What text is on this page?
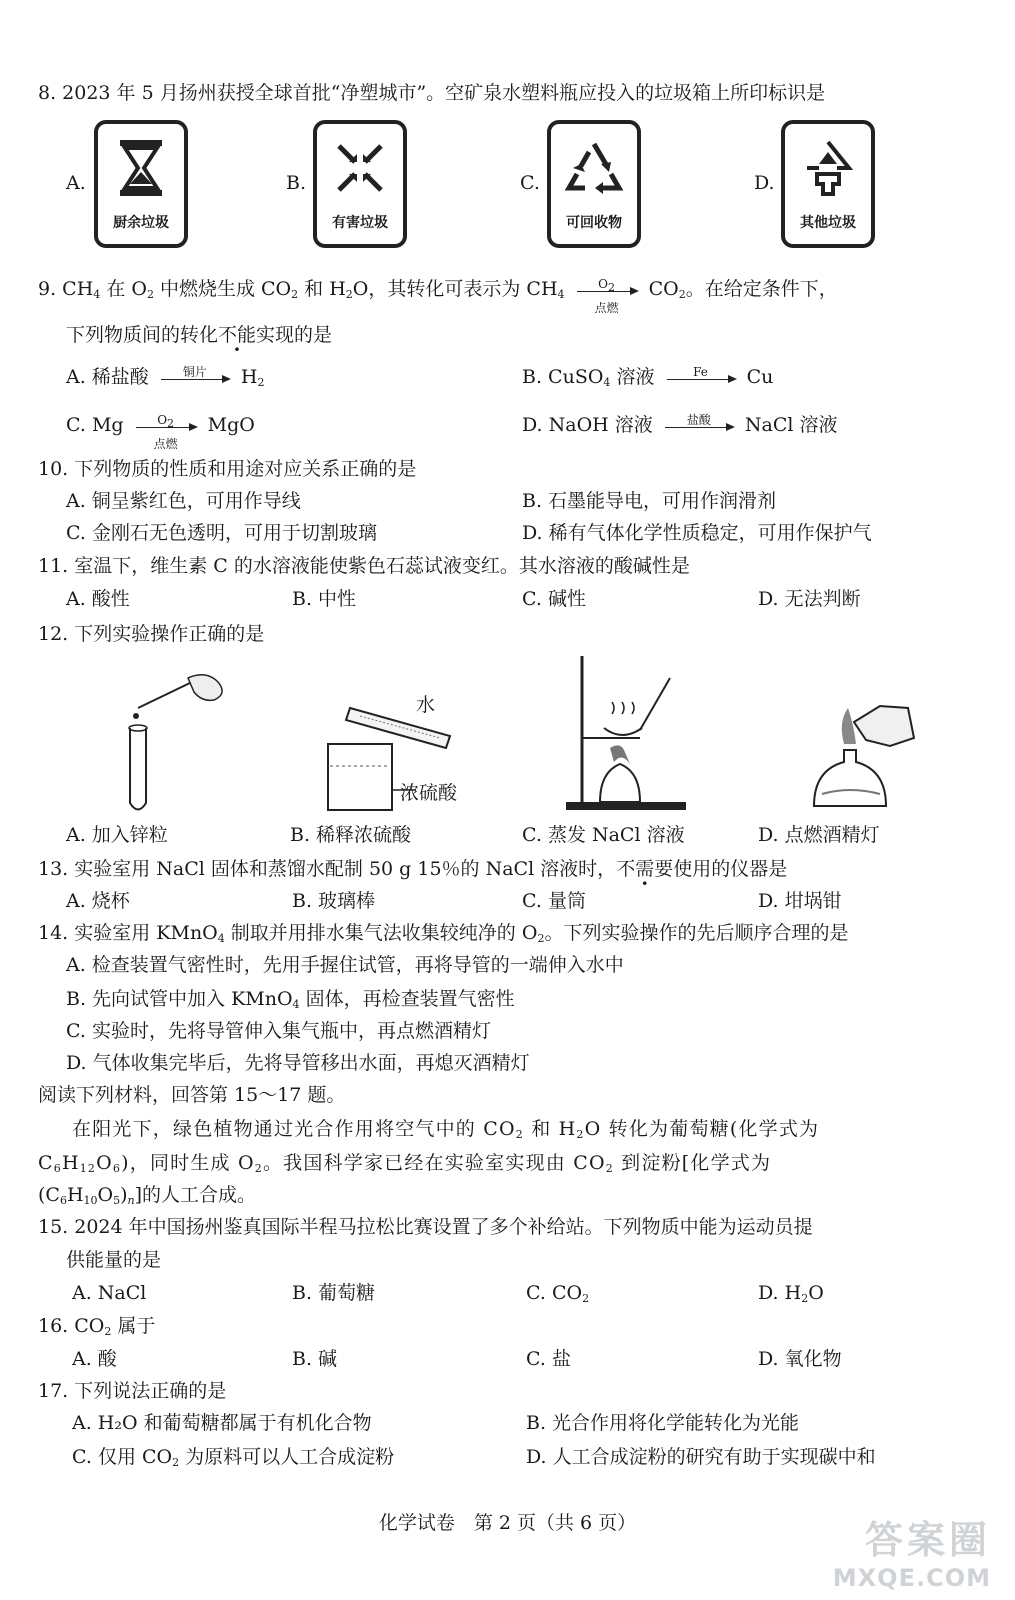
8. 2023 年 5 月扬州获授全球首批“净塑城市”。空矿泉水塑料瓶应投入的垃圾箱上所印标识是
A.
厨余垃圾
B.
有害垃圾
C.
可回收物
D.
其他垃圾
9. $CH_4$ 在 $O_2$ 中燃烧生成 $CO_2$ 和 $H_2O$，其转化可表示为 $CH_4$
$O_2$
点燃
$CO_2$。在给定条件下，
下列物质间的转化不能实现的是
A. 稀盐酸	铜片	$H_2$	B. CuSO$_4$ 溶液	Fe	Cu
C. Mg	$O_2$
点燃
MgO	D. NaOH 溶液	盐酸	NaCl 溶液
10. 下列物质的性质和用途对应关系正确的是
A. 铜呈紫红色，可用作导线	B. 石墨能导电，可用作润滑剂
C. 金刚石无色透明，可用于切割玻璃	D. 稀有气体化学性质稳定，可用作保护气
11. 室温下，维生素 C 的水溶液能使紫色石蕊试液变红。其水溶液的酸碱性是
A. 酸性	B. 中性	C. 碱性	D. 无法判断
12. 下列实验操作正确的是
水
浓硫酸
A. 加入锌粒	B. 稀释浓硫酸	C. 蒸发 NaCl 溶液	D. 点燃酒精灯
13. 实验室用 NaCl 固体和蒸馏水配制 50 g 15％的 NaCl 溶液时，不需要使用的仪器是
A. 烧杯	B. 玻璃棒	C. 量筒	D. 坩埚钳
14. 实验室用 KMnO$_4$ 制取并用排水集气法收集较纯净的 $O_2$。下列实验操作的先后顺序合理的是
A. 检查装置气密性时，先用手握住试管，再将导管的一端伸入水中
B. 先向试管中加入 KMnO$_4$ 固体，再检查装置气密性
C. 实验时，先将导管伸入集气瓶中，再点燃酒精灯
D. 气体收集完毕后，先将导管移出水面，再熄灭酒精灯
阅读下列材料，回答第 15～17 题。
在阳光下，绿色植物通过光合作用将空气中的 $CO_2$ 和 $H_2O$ 转化为葡萄糖(化学式为
$C_6H_{12}O_6$)，同时生成 $O_2$。我国科学家已经在实验室实现由 $CO_2$ 到淀粉[化学式为
$(C_6H_{10}O_5)_n$]的人工合成。
15. 2024 年中国扬州鉴真国际半程马拉松比赛设置了多个补给站。下列物质中能为运动员提
供能量的是
A. NaCl	B. 葡萄糖	C. $CO_2$	D. $H_2O$
16. $CO_2$ 属于
A. 酸	B. 碱	C. 盐	D. 氧化物
17. 下列说法正确的是
A. H₂O 和葡萄糖都属于有机化合物	B. 光合作用将化学能转化为光能
C. 仅用 $CO_2$ 为原料可以人工合成淀粉	D. 人工合成淀粉的研究有助于实现碳中和
化学试卷　第 2 页（共 6 页）	答案圈
MXQE.COM
